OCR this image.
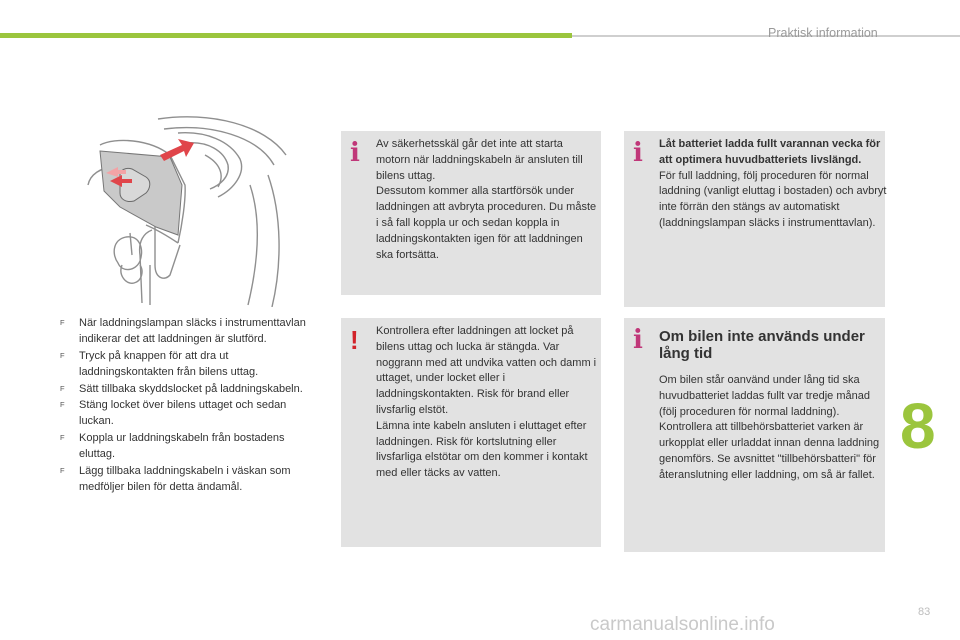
Praktisk information
F När laddningslampan släcks i instrumenttavlan indikerar det att laddningen är slutförd.
F Tryck på knappen för att dra ut laddningskontakten från bilens uttag.
F Sätt tillbaka skyddslocket på laddningskabeln.
F Stäng locket över bilens uttaget och sedan luckan.
F Koppla ur laddningskabeln från bostadens eluttag.
F Lägg tillbaka laddningskabeln i väskan som medföljer bilen för detta ändamål.
i Av säkerhetsskäl går det inte att starta motorn när laddningskabeln är ansluten till bilens uttag.

Dessutom kommer alla startförsök under laddningen att avbryta proceduren. Du måste i så fall koppla ur och sedan koppla in laddningskontakten igen för att laddningen ska fortsätta.

i Låt batteriet ladda fullt varannan vecka för att optimera huvudbatteriets livslängd.

För full laddning, följ proceduren för normal laddning (vanligt eluttag i bostaden) och avbryt inte förrän den stängs av automatiskt (laddningslampan släcks i instrumenttavlan).

! Kontrollera efter laddningen att locket på bilens uttag och lucka är stängda. Var noggrann med att undvika vatten och damm i uttaget, under locket eller i laddningskontakten. Risk för brand eller livsfarlig elstöt.

Lämna inte kabeln ansluten i eluttaget efter laddningen. Risk för kortslutning eller livsfarliga elstötar om den kommer i kontakt med eller täcks av vatten.

i Om bilen inte används under lång tid

Om bilen står oanvänd under lång tid ska huvudbatteriet laddas fullt var tredje månad (följ proceduren för normal laddning).

Kontrollera att tillbehörsbatteriet varken är urkopplat eller urladdat innan denna laddning genomförs. Se avsnittet "tillbehörsbatteri" för återanslutning eller laddning, om så är fallet.

8
carmanualsonline.info
83
